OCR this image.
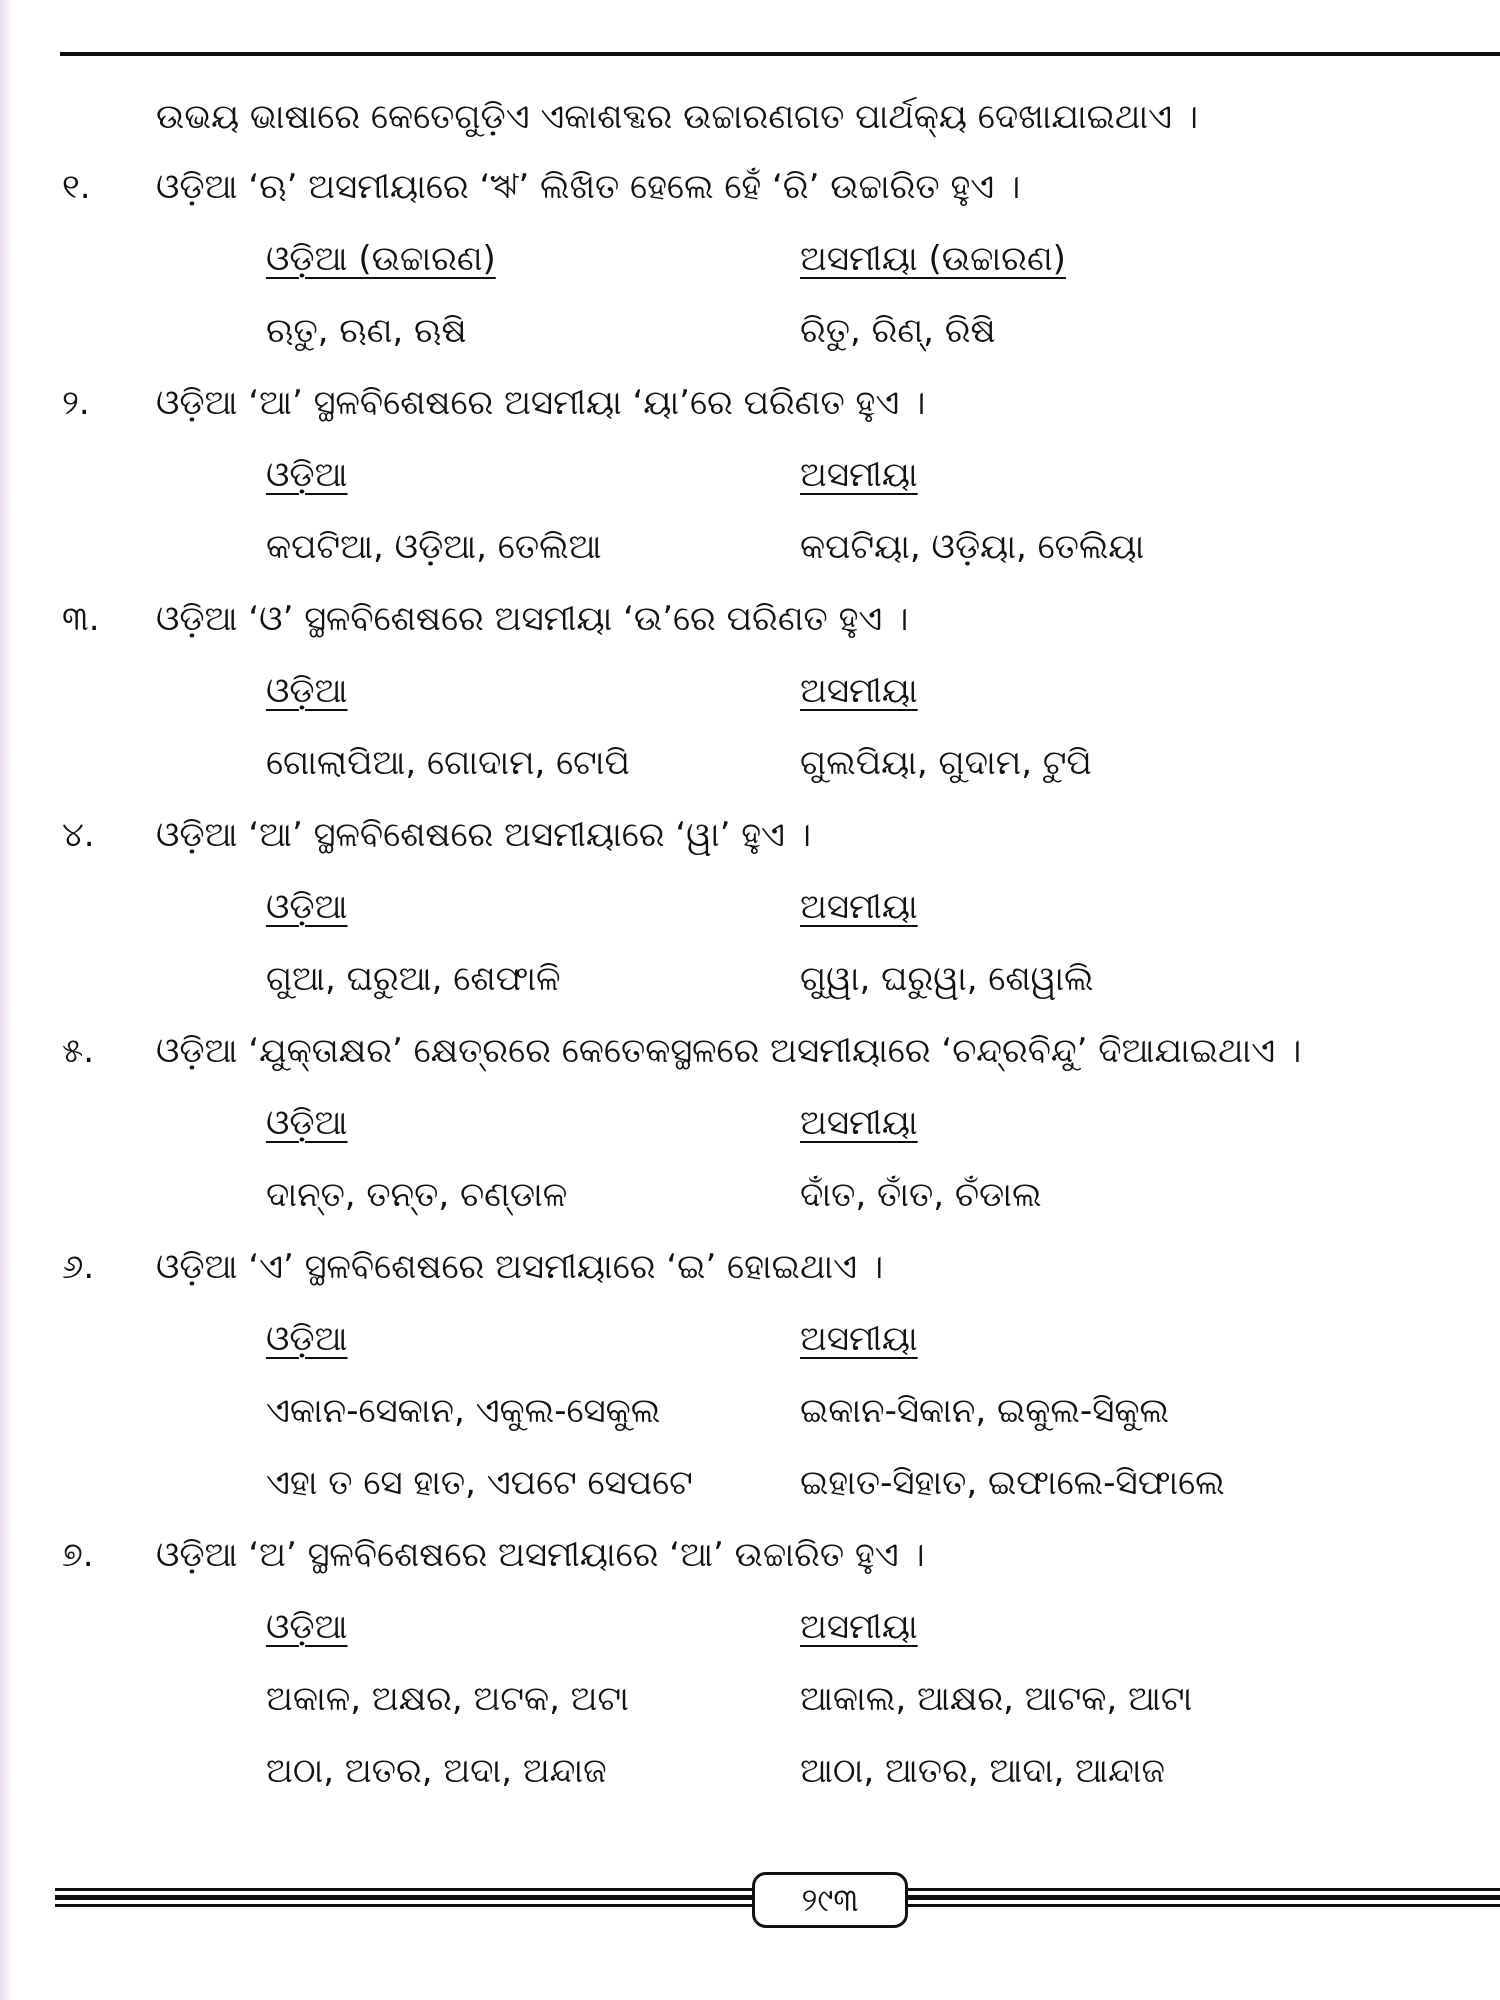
ଉଭୟ ଭାଷାରେ କେତେଗୁଡ଼ିଏ ଏକାଶବ୍ଦର ଉଚ୍ଚାରଣଗତ ପାର୍ଥକ୍ୟ ଦେଖାଯାଇଥାଏ ।
୧. ଓଡ଼ିଆ ‘ଋ’ ଅସମୀୟାରେ ‘ঋ’ ଲିଖିତ ହେଲେ ହେଁ ‘ରି’ ଉଚ୍ଚାରିତ ହୁଏ ।
ଓଡ଼ିଆ (ଉଚ୍ଚାରଣ)	ଅସମୀୟା (ଉଚ୍ଚାରଣ)
ଋତୁ, ଋଣ, ଋଷି	ରିତୁ, ରିଣ୍, ରିଷି
୨. ଓଡ଼ିଆ ‘ଆ’ ସ୍ଥଳବିଶେଷରେ ଅସମୀୟା ‘ୟା’ରେ ପରିଣତ ହୁଏ ।
ଓଡ଼ିଆ	ଅସମୀୟା
କପଟିଆ, ଓଡ଼ିଆ, ତେଲିଆ	କପଟିୟା, ଓଡ଼ିୟା, ତେଲିୟା
୩. ଓଡ଼ିଆ ‘ଓ’ ସ୍ଥଳବିଶେଷରେ ଅସମୀୟା ‘ଉ’ରେ ପରିଣତ ହୁଏ ।
ଓଡ଼ିଆ	ଅସମୀୟା
ଗୋଲାପିଆ, ଗୋଦାମ, ଟୋପି	ଗୁଲପିୟା, ଗୁଦାମ, ଟୁପି
୪. ଓଡ଼ିଆ ‘ଆ’ ସ୍ଥଳବିଶେଷରେ ଅସମୀୟାରେ ‘ୱା’ ହୁଏ ।
ଓଡ଼ିଆ	ଅସମୀୟା
ଗୁଆ, ଘରୁଆ, ଶେଫାଳି	ଗୁୱା, ଘରୁୱା, ଶେୱାଲି
୫. ଓଡ଼ିଆ ‘ଯୁକ୍ତାକ୍ଷର’ କ୍ଷେତ୍ରରେ କେତେକସ୍ଥଳରେ ଅସମୀୟାରେ ‘ଚନ୍ଦ୍ରବିନ୍ଦୁ’ ଦିଆଯାଇଥାଏ ।
ଓଡ଼ିଆ	ଅସମୀୟା
ଦାନ୍ତ, ତନ୍ତ, ଚଣ୍ଡାଳ	ଦାଁତ, ତାଁତ, ଚଁଡାଲ
୬. ଓଡ଼ିଆ ‘ଏ’ ସ୍ଥଳବିଶେଷରେ ଅସମୀୟାରେ ‘ଇ’ ହୋଇଥାଏ ।
ଓଡ଼ିଆ	ଅସମୀୟା
ଏକାନ-ସେକାନ, ଏକୁଲ-ସେକୁଲ	ଇକାନ-ସିକାନ, ଇକୁଲ-ସିକୁଲ
ଏହା ତ ସେ ହାତ, ଏପଟେ ସେପଟେ	ଇହାତ-ସିହାତ, ଇଫାଲେ-ସିଫାଲେ
୭. ଓଡ଼ିଆ ‘ଅ’ ସ୍ଥଳବିଶେଷରେ ଅସମୀୟାରେ ‘ଆ’ ଉଚ୍ଚାରିତ ହୁଏ ।
ଓଡ଼ିଆ	ଅସମୀୟା
ଅକାଳ, ଅକ୍ଷର, ଅଟକ, ଅଟା	ଆକାଲ, ଆକ୍ଷର, ଆଟକ, ଆଟା
ଅଠା, ଅତର, ଅଦା, ଅନ୍ଦାଜ	ଆଠା, ଆତର, ଆଦା, ଆନ୍ଦାଜ
୨୯୩
